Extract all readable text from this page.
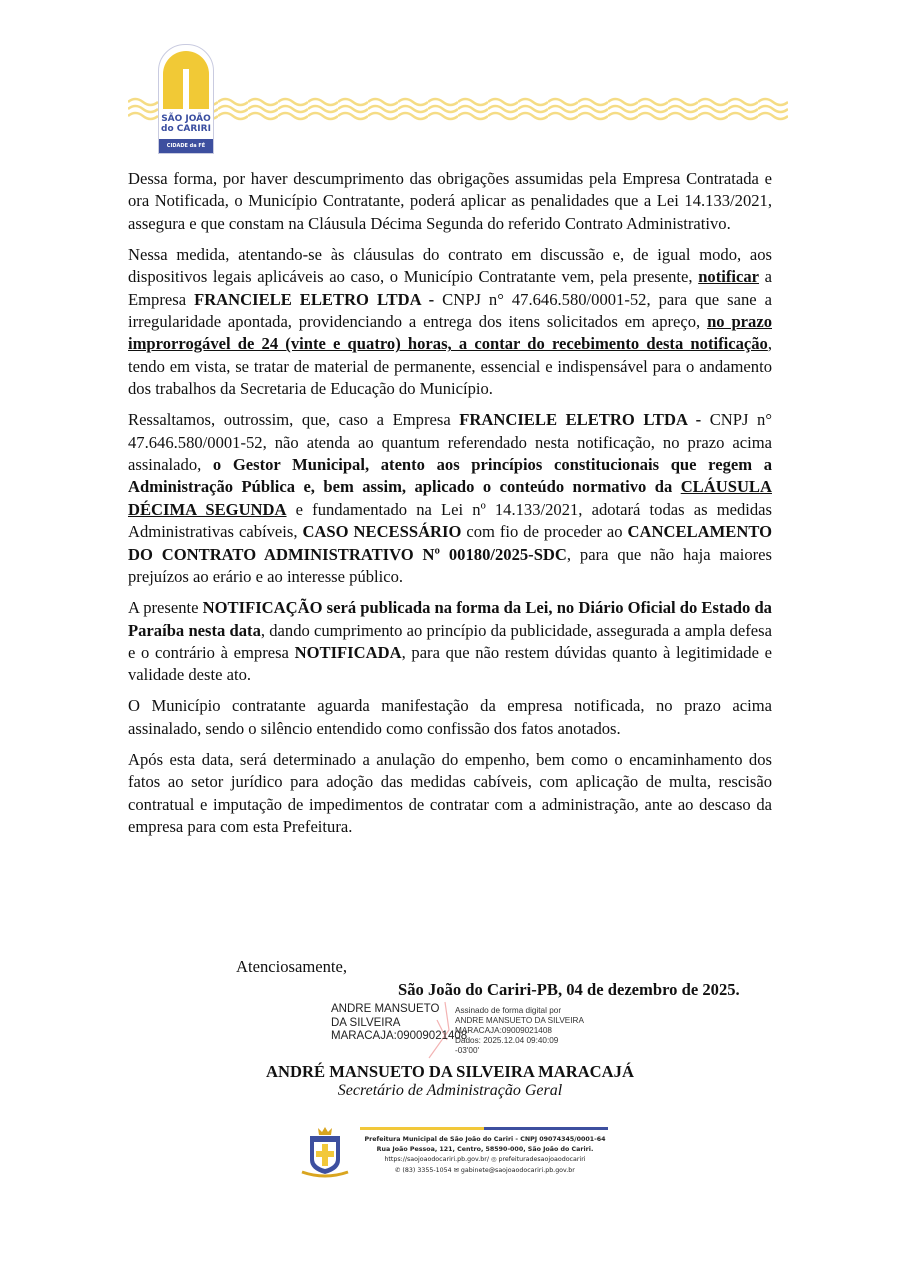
SÃO JOÃO
do CARIRI
CIDADE da FÉ

Dessa forma, por haver descumprimento das obrigações assumidas pela Empresa Contratada e ora Notificada, o Município Contratante, poderá aplicar as penalidades que a Lei 14.133/2021, assegura e que constam na Cláusula Décima Segunda do referido Contrato Administrativo.

Nessa medida, atentando-se às cláusulas do contrato em discussão e, de igual modo, aos dispositivos legais aplicáveis ao caso, o Município Contratante vem, pela presente, notificar a Empresa FRANCIELE ELETRO LTDA - CNPJ n° 47.646.580/0001-52, para que sane a irregularidade apontada, providenciando a entrega dos itens solicitados em apreço, no prazo improrrogável de 24 (vinte e quatro) horas, a contar do recebimento desta notificação, tendo em vista, se tratar de material de permanente, essencial e indispensável para o andamento dos trabalhos da Secretaria de Educação do Município.

Ressaltamos, outrossim, que, caso a Empresa FRANCIELE ELETRO LTDA - CNPJ n° 47.646.580/0001-52, não atenda ao quantum referendado nesta notificação, no prazo acima assinalado, o Gestor Municipal, atento aos princípios constitucionais que regem a Administração Pública e, bem assim, aplicado o conteúdo normativo da CLÁUSULA DÉCIMA SEGUNDA e fundamentado na Lei nº 14.133/2021, adotará todas as medidas Administrativas cabíveis, CASO NECESSÁRIO com fio de proceder ao CANCELAMENTO DO CONTRATO ADMINISTRATIVO Nº 00180/2025-SDC, para que não haja maiores prejuízos ao erário e ao interesse público.

A presente NOTIFICAÇÃO será publicada na forma da Lei, no Diário Oficial do Estado da Paraíba nesta data, dando cumprimento ao princípio da publicidade, assegurada a ampla defesa e o contrário à empresa NOTIFICADA, para que não restem dúvidas quanto à legitimidade e validade deste ato.

O Município contratante aguarda manifestação da empresa notificada, no prazo acima assinalado, sendo o silêncio entendido como confissão dos fatos anotados.

Após esta data, será determinado a anulação do empenho, bem como o encaminhamento dos fatos ao setor jurídico para adoção das medidas cabíveis, com aplicação de multa, rescisão contratual e imputação de impedimentos de contratar com a administração, ante ao descaso da empresa para com esta Prefeitura.

Atenciosamente,
São João do Cariri-PB, 04 de dezembro de 2025.
ANDRE MANSUETO DA SILVEIRA MARACAJA:09009021408
Assinado de forma digital por
ANDRE MANSUETO DA SILVEIRA
MARACAJA:09009021408
Dados: 2025.12.04 09:40:09
-03'00'
ANDRÉ MANSUETO DA SILVEIRA MARACAJÁ
Secretário de Administração Geral
Prefeitura Municipal de São João do Cariri - CNPJ 09074345/0001-64
Rua João Pessoa, 121, Centro, 58590-000, São João do Cariri.
https://saojoaodocariri.pb.gov.br/ ◎ prefeituradesaojoaodocariri
✆ (83) 3355-1054 ✉ gabinete@saojoaodocariri.pb.gov.br
